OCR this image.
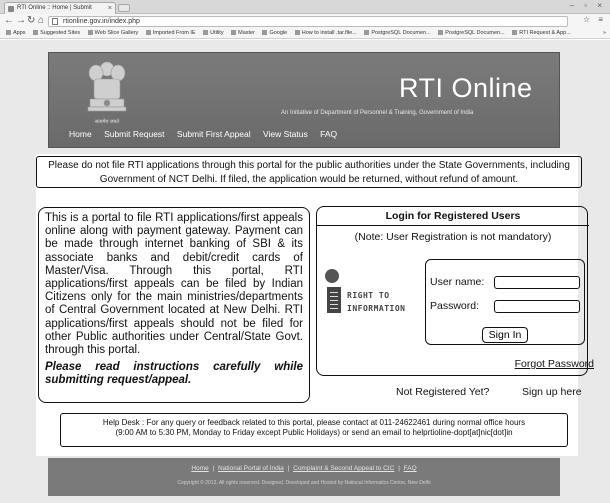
RTI Online :: Home | Submit ×	– ▫ ×
← → ↻ ⌂	rtionline.gov.in/index.php	☆ ≡
Apps	Suggested Sites	Web Slice Gallery	Imported From IE	Utility	Master	Google	How to install .tar.file...	PostgreSQL Documen...	PostgreSQL Documen...	RTI Request & App...	»
सत्यमेव जयते
RTI Online
An Initiative of Department of Personnel & Training, Government of India
Home Submit Request Submit First Appeal View Status FAQ
Please do not file RTI applications through this portal for the public authorities under the State Governments, including Government of NCT Delhi. If filed, the application would be returned, without refund of amount.
This is a portal to file RTI applications/first appeals online along with payment gateway. Payment can be made through internet banking of SBI & its associate banks and debit/credit cards of Master/Visa. Through this portal, RTI applications/first appeals can be filed by Indian Citizens only for the main ministries/departments of Central Government located at New Delhi. RTI applications/first appeals should not be filed for other Public authorities under Central/State Govt. through this portal.
Please read instructions carefully while submitting request/appeal.
Login for Registered Users
(Note: User Registration is not mandatory)
RIGHT TO
INFORMATION
User name:
Password:
Sign In
Forgot Password
Not Registered Yet?	Sign up here
Help Desk : For any query or feedback related to this portal, please contact at 011-24622461 during normal office hours
(9:00 AM to 5:30 PM, Monday to Friday except Public Holidays) or send an email to helprtioline-dopt[at]nic[dot]in
Home | National Portal of India | Complaint & Second Appeal to CIC | FAQ
Copyright © 2013. All rights reserved. Designed, Developed and Hosted by National Informatics Centre, New Delhi
